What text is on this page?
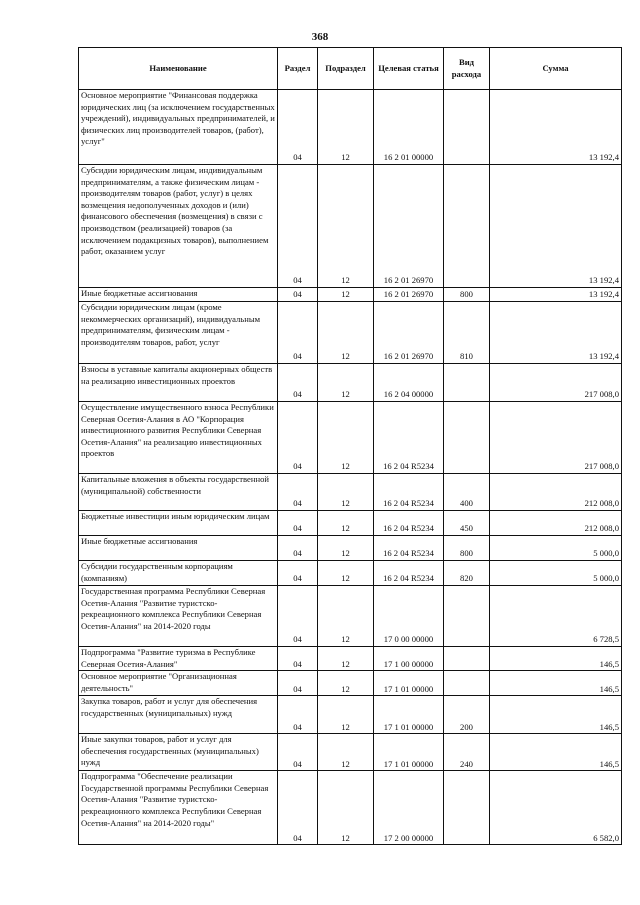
368
Наименование	Раздел	Подраздел	Целевая статья	Вид расхода	Сумма
Основное мероприятие "Финансовая поддержка юридических лиц (за исключением государственных учреждений), индивидуальных предпринимателей, и физических лиц производителей товаров, (работ), услуг"	04	12	16 2 01 00000		13 192,4
Субсидии юридическим лицам, индивидуальным предпринимателям, а также физическим лицам - производителям товаров (работ, услуг) в целях возмещения недополученных доходов и (или) финансового обеспечения (возмещения) в связи с производством (реализацией) товаров (за исключением подакцизных товаров), выполнением работ, оказанием услуг	04	12	16 2 01 26970		13 192,4
Иные бюджетные ассигнования	04	12	16 2 01 26970	800	13 192,4
Субсидии юридическим лицам (кроме некоммерческих организаций), индивидуальным предпринимателям, физическим лицам - производителям товаров, работ, услуг	04	12	16 2 01 26970	810	13 192,4
Взносы в уставные капиталы акционерных обществ на реализацию инвестиционных проектов	04	12	16 2 04 00000		217 008,0
Осуществление имущественного взноса Республики Северная Осетия-Алания в АО "Корпорация инвестиционного развития Республики Северная Осетия-Алания" на реализацию инвестиционных проектов	04	12	16 2 04 R5234		217 008,0
Капитальные вложения в объекты государственной (муниципальной) собственности	04	12	16 2 04 R5234	400	212 008,0
Бюджетные инвестиции иным юридическим лицам	04	12	16 2 04 R5234	450	212 008,0
Иные бюджетные ассигнования	04	12	16 2 04 R5234	800	5 000,0
Субсидии государственным корпорациям (компаниям)	04	12	16 2 04 R5234	820	5 000,0
Государственная программа Республики Северная Осетия-Алания "Развитие туристско-рекреационного комплекса Республики Северная Осетия-Алания" на 2014-2020 годы	04	12	17 0 00 00000		6 728,5
Подпрограмма "Развитие туризма в Республике Северная Осетия-Алания"	04	12	17 1 00 00000		146,5
Основное мероприятие "Организационная деятельность"	04	12	17 1 01 00000		146,5
Закупка товаров, работ и услуг для обеспечения государственных (муниципальных) нужд	04	12	17 1 01 00000	200	146,5
Иные закупки товаров, работ и услуг для обеспечения государственных (муниципальных) нужд	04	12	17 1 01 00000	240	146,5
Подпрограмма "Обеспечение реализации Государственной программы Республики Северная Осетия-Алания "Развитие туристско-рекреационного комплекса Республики Северная Осетия-Алания" на 2014-2020 годы"	04	12	17 2 00 00000		6 582,0
